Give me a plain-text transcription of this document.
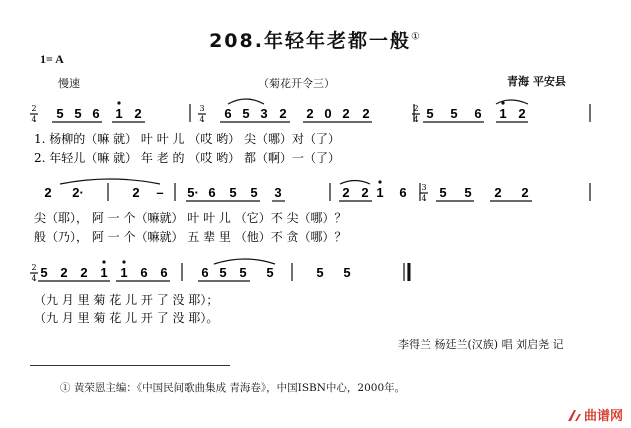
208.年轻年老都一般①
1= A
慢速	（菊花开令三）	青海 平安县
5 5 6 1 2	6 5 3 2 2 0 2 2	5 5 6 1 2
2
4
3
4
2
4
2 2·	2 – 5· 6 5 5 3	2 2 1 6	5 5 2 2
3
4
5 2 2 1 1 6 6	6 5 5 5	5 5
2
4
1. 杨柳的（嘛 就） 叶 叶 儿 （哎 哟） 尖（哪）对（了）
2. 年轻儿（嘛 就） 年 老 的 （哎 哟） 都（啊）一（了）
尖（耶）， 阿 一 个（嘛就） 叶 叶 儿 （它）不 尖（哪）？
般（乃）， 阿 一 个（嘛就） 五 辈 里 （他）不 贪（哪）？
（九 月 里 菊 花 儿 开 了 没 耶）；
（九 月 里 菊 花 儿 开 了 没 耶）。
李得兰 杨廷兰(汉族) 唱 刘启尧 记
① 黄荣恩主编：《中国民间歌曲集成 青海卷》，中国ISBN中心，2000年。
曲谱网
